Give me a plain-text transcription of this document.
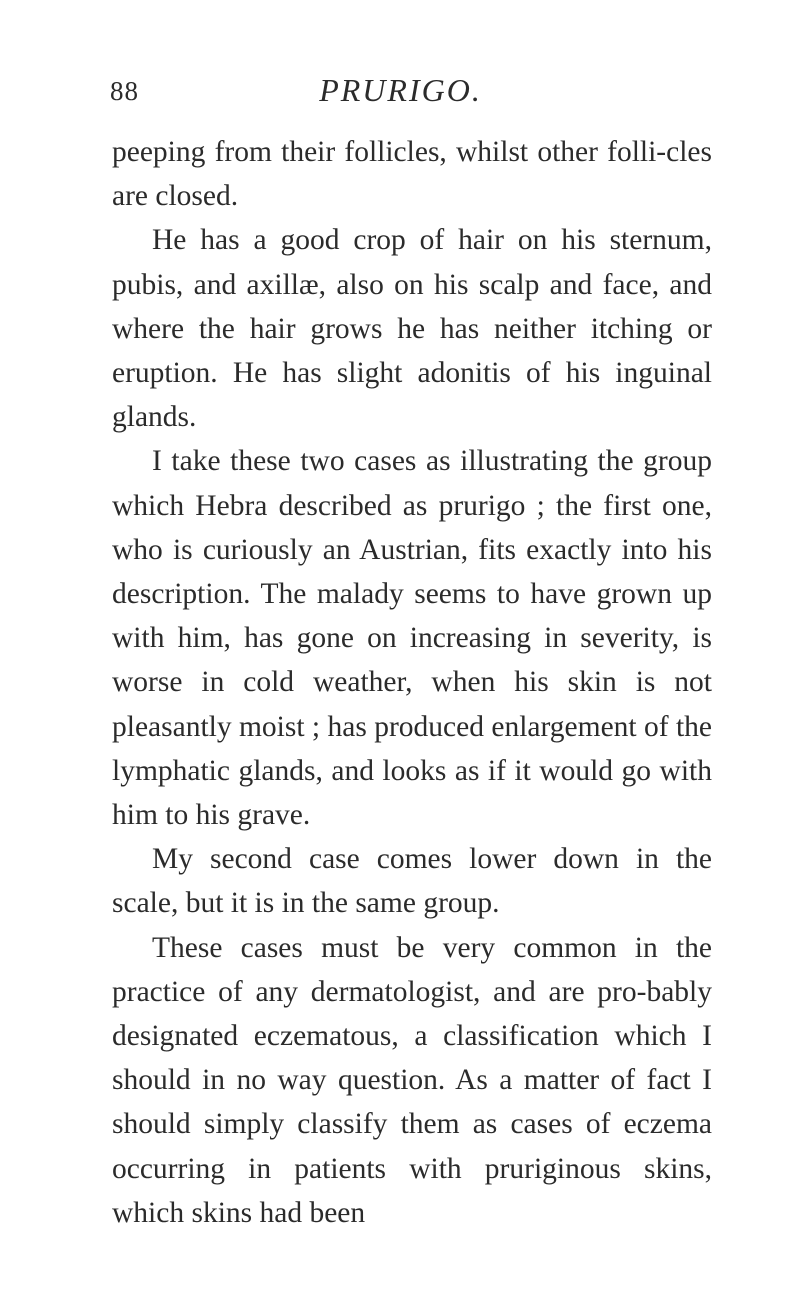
88	PRURIGO.

peeping from their follicles, whilst other folli-cles are closed.

He has a good crop of hair on his sternum, pubis, and axillæ, also on his scalp and face, and where the hair grows he has neither itching or eruption. He has slight adonitis of his inguinal glands.

I take these two cases as illustrating the group which Hebra described as prurigo ; the first one, who is curiously an Austrian, fits exactly into his description. The malady seems to have grown up with him, has gone on increasing in severity, is worse in cold weather, when his skin is not pleasantly moist ; has produced enlargement of the lymphatic glands, and looks as if it would go with him to his grave.

My second case comes lower down in the scale, but it is in the same group.

These cases must be very common in the practice of any dermatologist, and are pro-bably designated eczematous, a classification which I should in no way question. As a matter of fact I should simply classify them as cases of eczema occurring in patients with pruriginous skins, which skins had been
